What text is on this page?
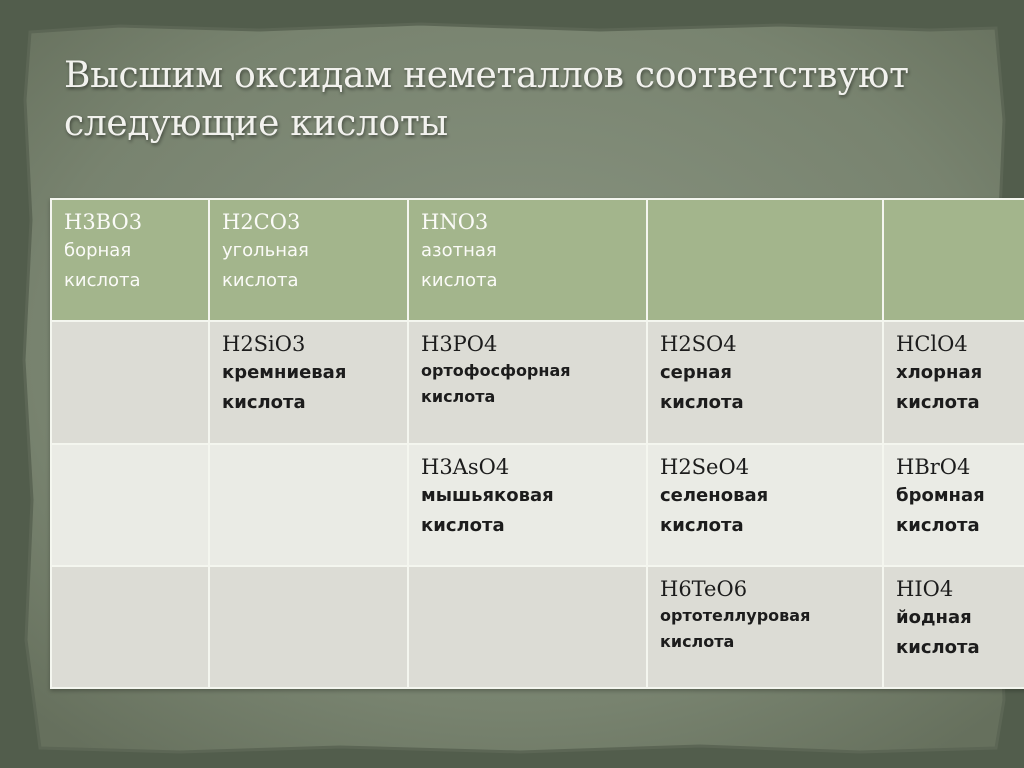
Высшим оксидам неметаллов соответствуют
следующие кислоты
H3BO3
борная
кислота	H2CO3
угольная
кислота	HNO3
азотная
кислота		

	H2SiO3
кремниевая
кислота	H3PO4
ортофосфорная
кислота	H2SO4
серная
кислота	HClO4
хлорная
кислота

		H3AsO4
мышьяковая
кислота	H2SeO4
селеновая
кислота	HBrO4
бромная
кислота

			H6TeO6
ортотеллуровая
кислота	HIO4
йодная
кислота
